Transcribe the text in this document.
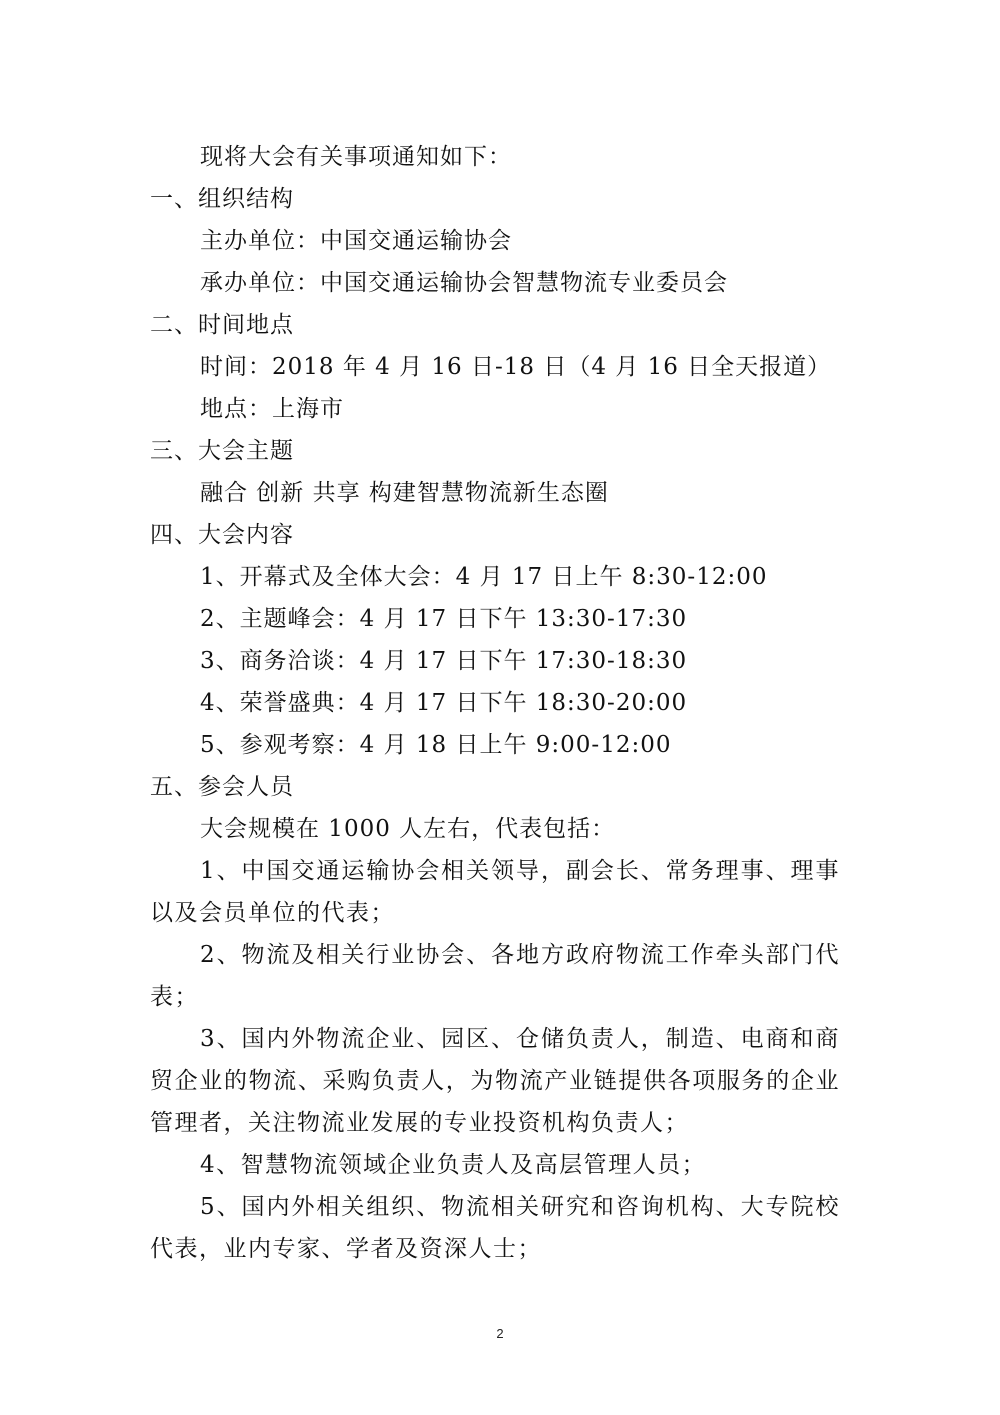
现将大会有关事项通知如下：
一、组织结构
主办单位：中国交通运输协会
承办单位：中国交通运输协会智慧物流专业委员会
二、时间地点
时间：2018 年 4 月 16 日-18 日（4 月 16 日全天报道）
地点：上海市
三、大会主题
融合 创新 共享 构建智慧物流新生态圈
四、大会内容
1、开幕式及全体大会：4 月 17 日上午 8:30-12:00
2、主题峰会：4 月 17 日下午 13:30-17:30
3、商务洽谈：4 月 17 日下午 17:30-18:30
4、荣誉盛典：4 月 17 日下午 18:30-20:00
5、参观考察：4 月 18 日上午 9:00-12:00
五、参会人员
大会规模在 1000 人左右，代表包括：
1、中国交通运输协会相关领导，副会长、常务理事、理事以及会员单位的代表；
2、物流及相关行业协会、各地方政府物流工作牵头部门代表；
3、国内外物流企业、园区、仓储负责人，制造、电商和商贸企业的物流、采购负责人，为物流产业链提供各项服务的企业管理者，关注物流业发展的专业投资机构负责人；
4、智慧物流领域企业负责人及高层管理人员；
5、国内外相关组织、物流相关研究和咨询机构、大专院校代表，业内专家、学者及资深人士；
2
